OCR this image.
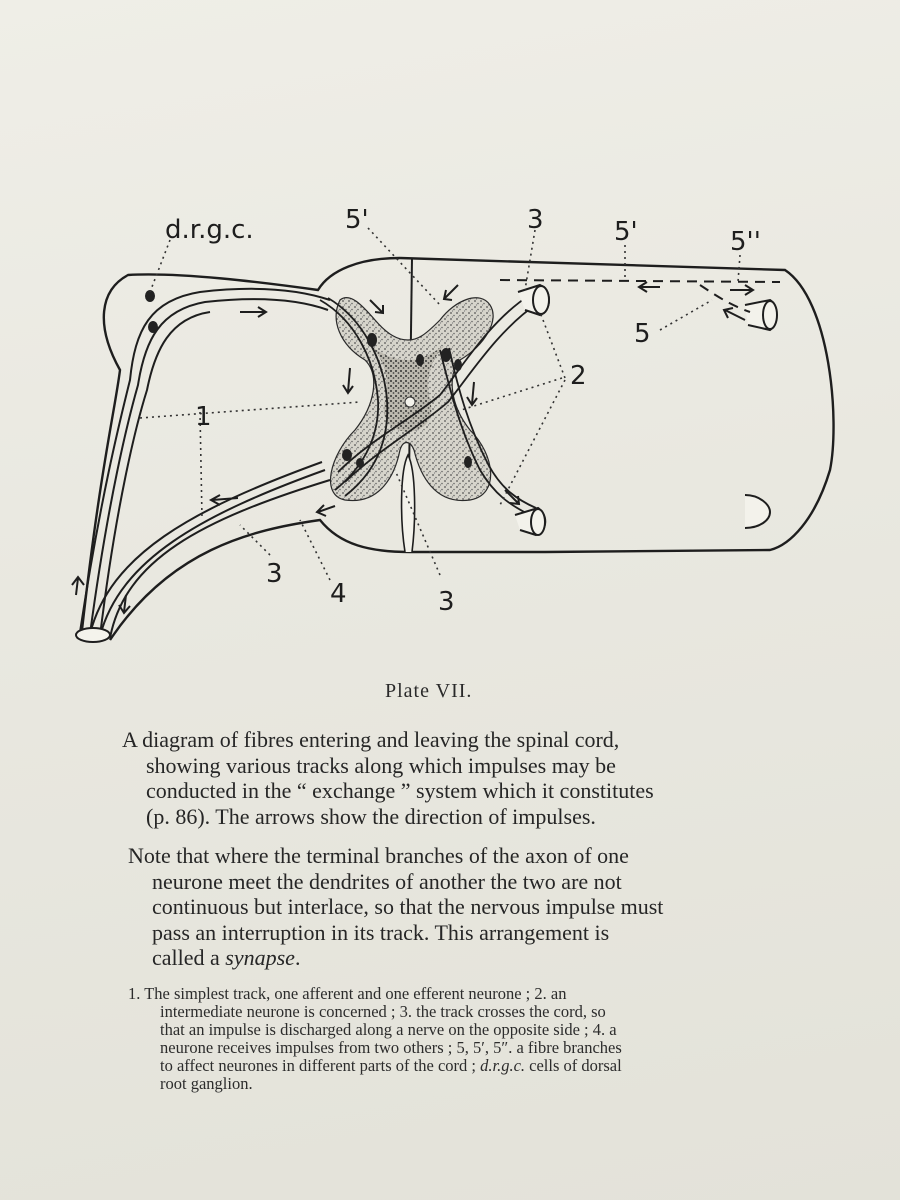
d.r.g.c.	5'	3	5'	5''
5
2
1
3
4	3
Plate VII.
A diagram of fibres entering and leaving the spinal cord,
showing various tracks along which impulses may be
conducted in the “ exchange ” system which it constitutes
(p. 86). The arrows show the direction of impulses.
Note that where the terminal branches of the axon of one
neurone meet the dendrites of another the two are not
continuous but interlace, so that the nervous impulse must
pass an interruption in its track. This arrangement is
called a synapse.
1. The simplest track, one afferent and one efferent neurone ; 2. an
intermediate neurone is concerned ; 3. the track crosses the cord, so
that an impulse is discharged along a nerve on the opposite side ; 4. a
neurone receives impulses from two others ; 5, 5′, 5″. a fibre branches
to affect neurones in different parts of the cord ; d.r.g.c. cells of dorsal
root ganglion.
